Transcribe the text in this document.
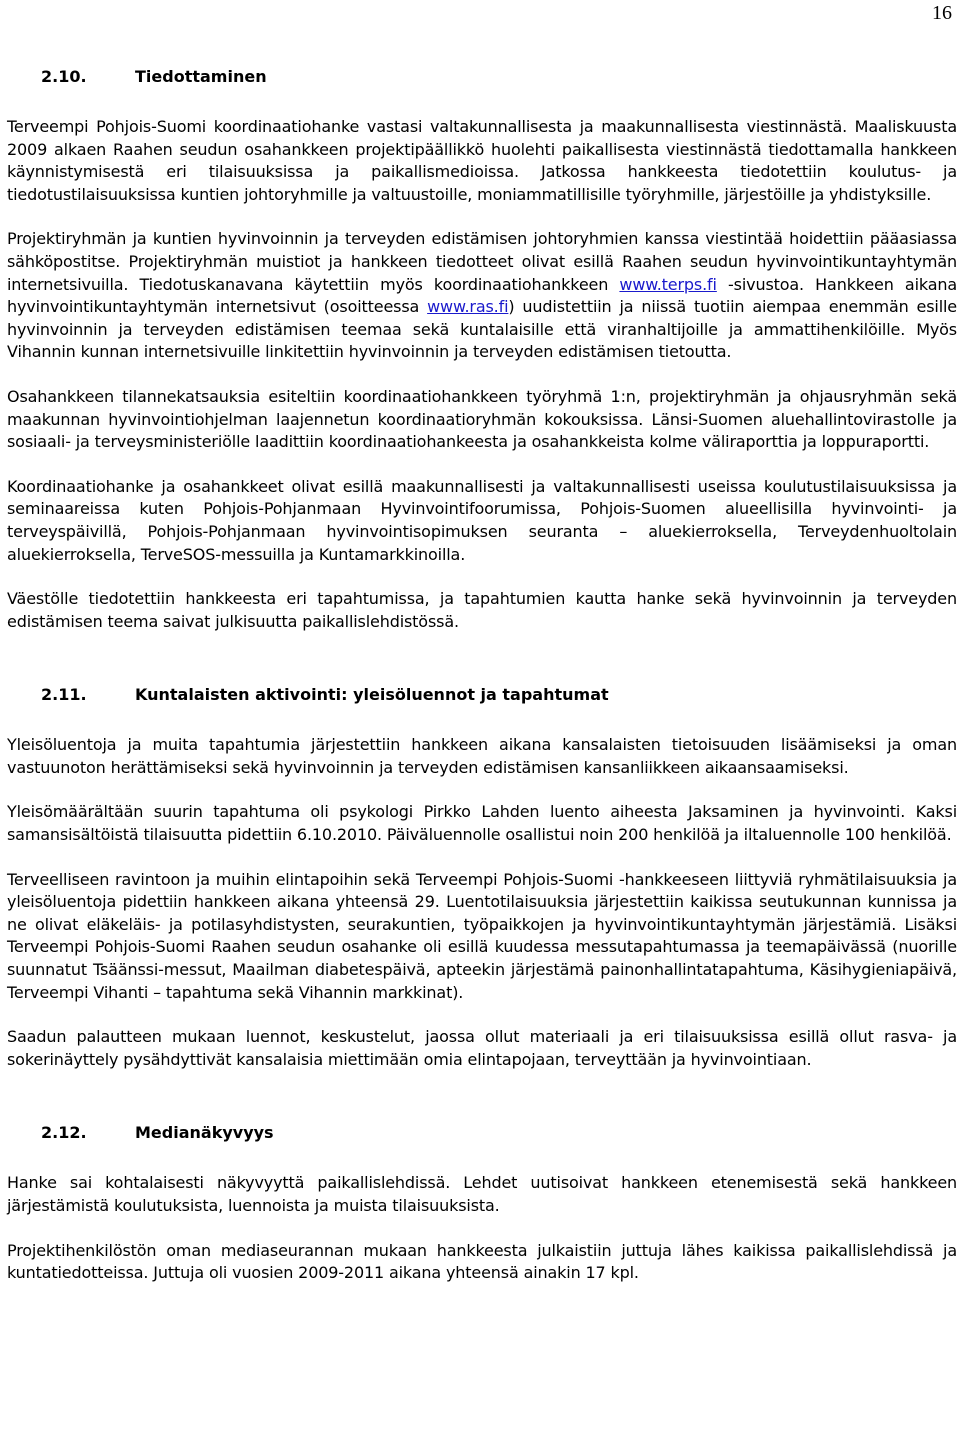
16
2.10.	Tiedottaminen

Terveempi Pohjois-Suomi koordinaatiohanke vastasi valtakunnallisesta ja maakunnallisesta viestinnästä. Maaliskuusta 2009 alkaen Raahen seudun osahankkeen projektipäällikkö huolehti paikallisesta viestinnästä tiedottamalla hankkeen käynnistymisestä eri tilaisuuksissa ja paikallismedioissa. Jatkossa hankkeesta tiedotettiin koulutus- ja tiedotustilaisuuksissa kuntien johtoryhmille ja valtuustoille, moniammatillisille työryhmille, järjestöille ja yhdistyksille.

Projektiryhmän ja kuntien hyvinvoinnin ja terveyden edistämisen johtoryhmien kanssa viestintää hoidettiin pääasiassa sähköpostitse. Projektiryhmän muistiot ja hankkeen tiedotteet olivat esillä Raahen seudun hyvinvointikuntayhtymän internetsivuilla. Tiedotuskanavana käytettiin myös koordinaatiohankkeen www.terps.fi -sivustoa. Hankkeen aikana hyvinvointikuntayhtymän internetsivut (osoitteessa www.ras.fi) uudistettiin ja niissä tuotiin aiempaa enemmän esille hyvinvoinnin ja terveyden edistämisen teemaa sekä kuntalaisille että viranhaltijoille ja ammattihenkilöille. Myös Vihannin kunnan internetsivuille linkitettiin hyvinvoinnin ja terveyden edistämisen tietoutta.

Osahankkeen tilannekatsauksia esiteltiin koordinaatiohankkeen työryhmä 1:n, projektiryhmän ja ohjausryhmän sekä maakunnan hyvinvointiohjelman laajennetun koordinaatioryhmän kokouksissa. Länsi-Suomen aluehallintovirastolle ja sosiaali- ja terveysministeriölle laadittiin koordinaatiohankeesta ja osahankkeista kolme väliraporttia ja loppuraportti.

Koordinaatiohanke ja osahankkeet olivat esillä maakunnallisesti ja valtakunnallisesti useissa koulutustilaisuuksissa ja seminaareissa kuten Pohjois-Pohjanmaan Hyvinvointifoorumissa, Pohjois-Suomen alueellisilla hyvinvointi- ja terveyspäivillä, Pohjois-Pohjanmaan hyvinvointisopimuksen seuranta – aluekierroksella, Terveydenhuoltolain aluekierroksella, TerveSOS-messuilla ja Kuntamarkkinoilla.

Väestölle tiedotettiin hankkeesta eri tapahtumissa, ja tapahtumien kautta hanke sekä hyvinvoinnin ja terveyden edistämisen teema saivat julkisuutta paikallislehdistössä.

2.11.	Kuntalaisten aktivointi: yleisöluennot ja tapahtumat

Yleisöluentoja ja muita tapahtumia järjestettiin hankkeen aikana kansalaisten tietoisuuden lisäämiseksi ja oman vastuunoton herättämiseksi sekä hyvinvoinnin ja terveyden edistämisen kansanliikkeen aikaansaamiseksi.

Yleisömäärältään suurin tapahtuma oli psykologi Pirkko Lahden luento aiheesta Jaksaminen ja hyvinvointi. Kaksi samansisältöistä tilaisuutta pidettiin 6.10.2010. Päiväluennolle osallistui noin 200 henkilöä ja iltaluennolle 100 henkilöä.

Terveelliseen ravintoon ja muihin elintapoihin sekä Terveempi Pohjois-Suomi -hankkeeseen liittyviä ryhmätilaisuuksia ja yleisöluentoja pidettiin hankkeen aikana yhteensä 29. Luentotilaisuuksia järjestettiin kaikissa seutukunnan kunnissa ja ne olivat eläkeläis- ja potilasyhdistysten, seurakuntien, työpaikkojen ja hyvinvointikuntayhtymän järjestämiä. Lisäksi Terveempi Pohjois-Suomi Raahen seudun osahanke oli esillä kuudessa messutapahtumassa ja teemapäivässä (nuorille suunnatut Tsäänssi-messut, Maailman diabetespäivä, apteekin järjestämä painonhallintatapahtuma, Käsihygieniapäivä, Terveempi Vihanti – tapahtuma sekä Vihannin markkinat).

Saadun palautteen mukaan luennot, keskustelut, jaossa ollut materiaali ja eri tilaisuuksissa esillä ollut rasva- ja sokerinäyttely pysähdyttivät kansalaisia miettimään omia elintapojaan, terveyttään ja hyvinvointiaan.

2.12.	Medianäkyvyys

Hanke sai kohtalaisesti näkyvyyttä paikallislehdissä. Lehdet uutisoivat hankkeen etenemisestä sekä hankkeen järjestämistä koulutuksista, luennoista ja muista tilaisuuksista.

Projektihenkilöstön oman mediaseurannan mukaan hankkeesta julkaistiin juttuja lähes kaikissa paikallislehdissä ja kuntatiedotteissa. Juttuja oli vuosien 2009-2011 aikana yhteensä ainakin 17 kpl.
